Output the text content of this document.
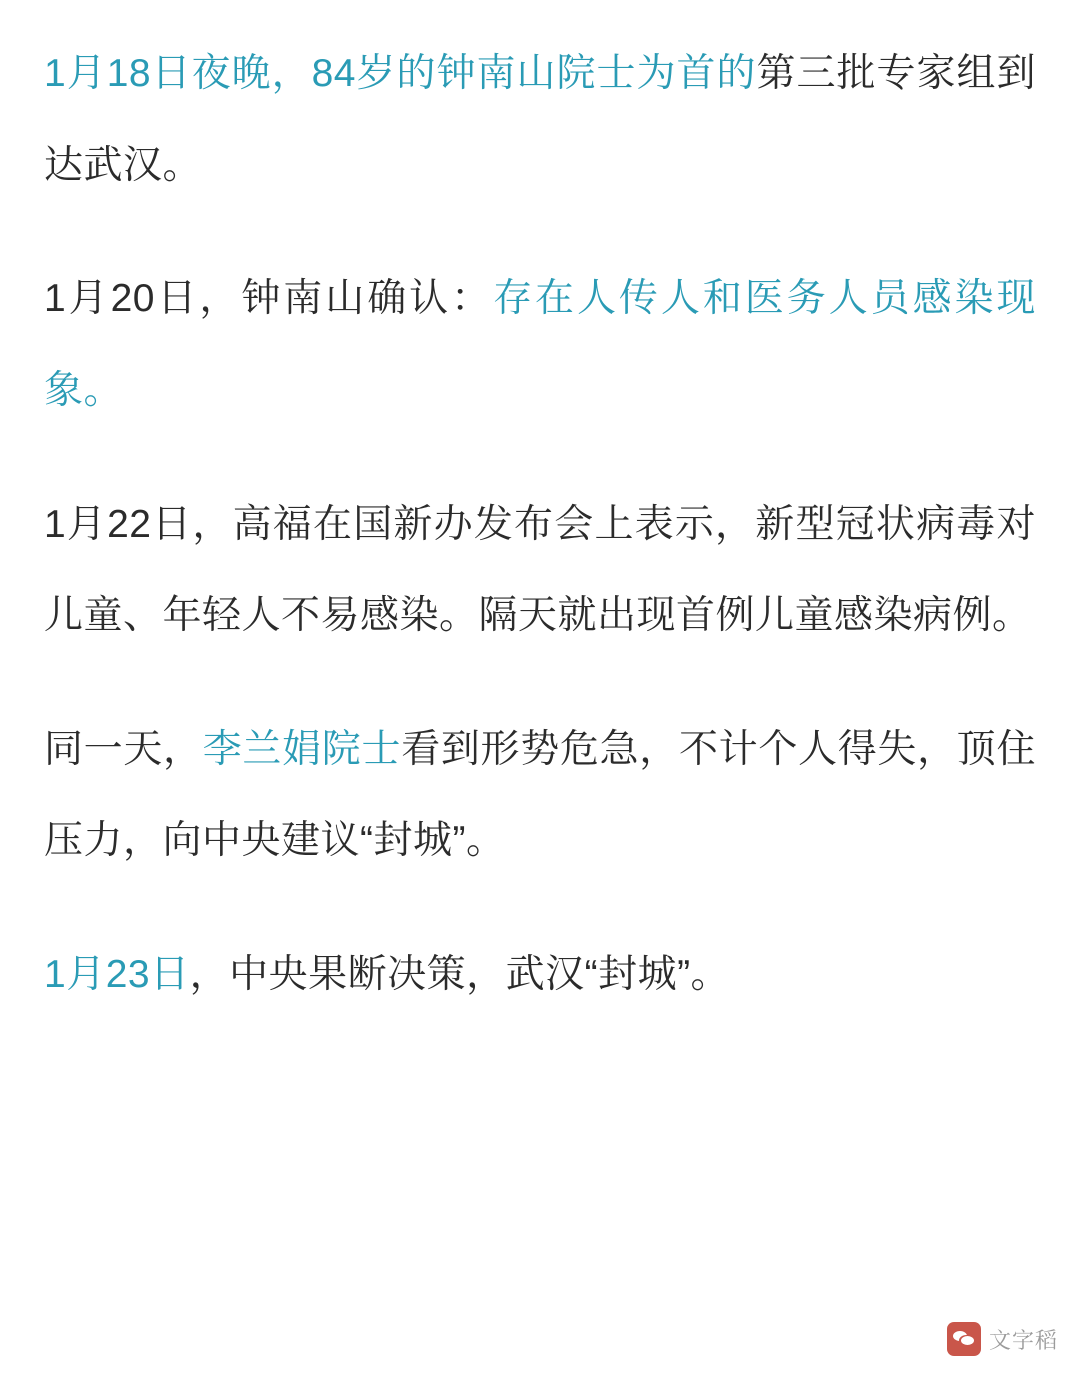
1月18日夜晚，84岁的钟南山院士为首的第三批专家组到达武汉。

1月20日，钟南山确认：存在人传人和医务人员感染现象。

1月22日，高福在国新办发布会上表示，新型冠状病毒对儿童、年轻人不易感染。隔天就出现首例儿童感染病例。

同一天，李兰娟院士看到形势危急，不计个人得失，顶住压力，向中央建议“封城”。

1月23日，中央果断决策，武汉“封城”。

文字稻
